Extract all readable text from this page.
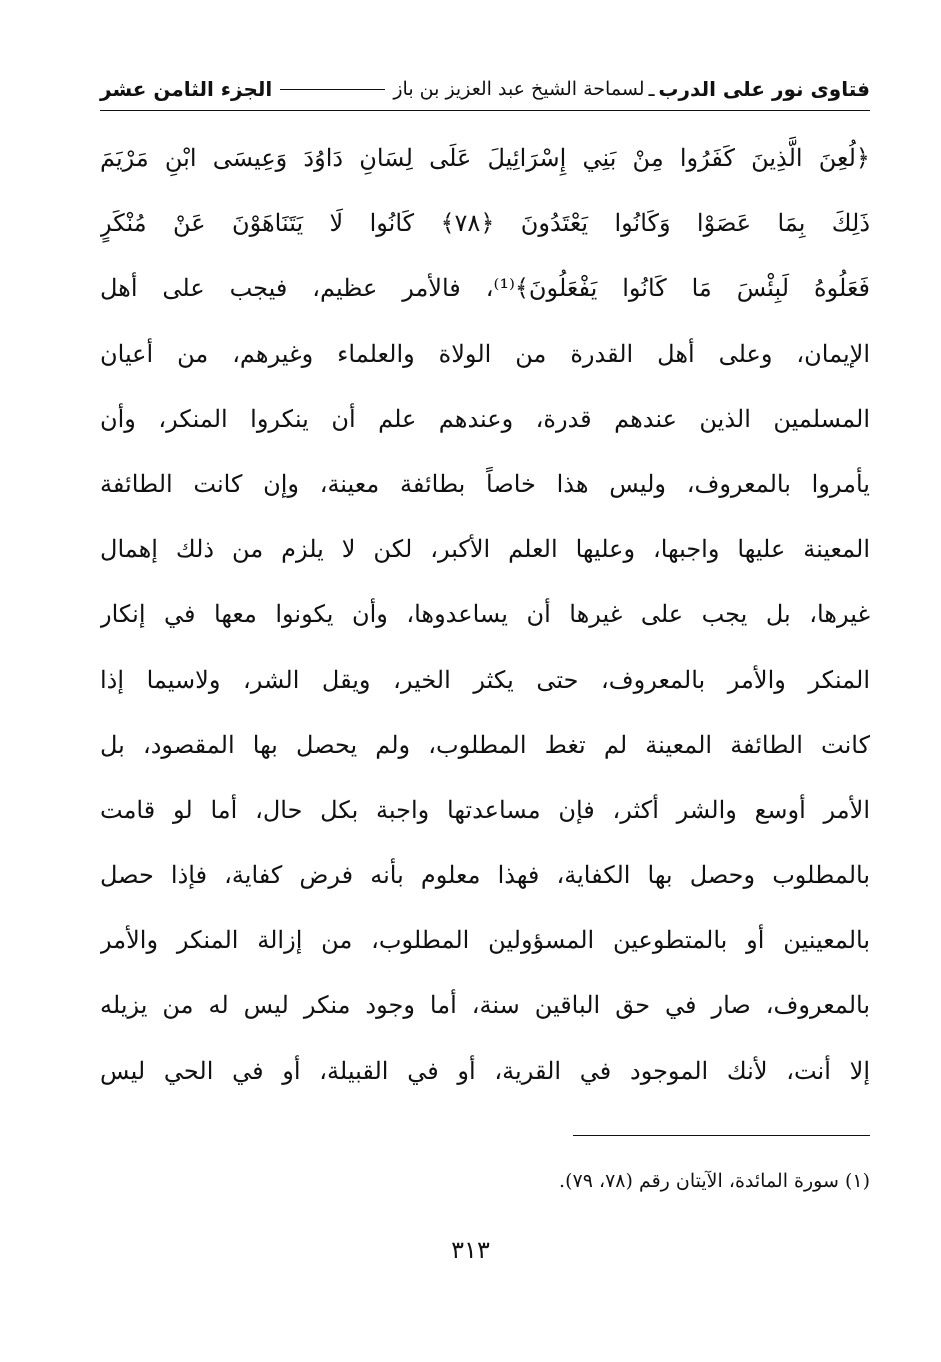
فتاوى نور على الدرب
ـ
لسماحة الشيخ عبد العزيز بن باز
الجزء الثامن عشر
﴿لُعِنَ الَّذِينَ كَفَرُوا مِنْ بَنِي إِسْرَائِيلَ عَلَى لِسَانِ دَاوُدَ وَعِيسَى ابْنِ مَرْيَمَ
ذَلِكَ بِمَا عَصَوْا وَكَانُوا يَعْتَدُونَ ﴿٧٨﴾ كَانُوا لَا يَتَنَاهَوْنَ عَنْ مُنْكَرٍ
فَعَلُوهُ لَبِئْسَ مَا كَانُوا يَفْعَلُونَ﴾⁽¹⁾، فالأمر عظيم، فيجب على أهل
الإيمان، وعلى أهل القدرة من الولاة والعلماء وغيرهم، من أعيان
المسلمين الذين عندهم قدرة، وعندهم علم أن ينكروا المنكر، وأن
يأمروا بالمعروف، وليس هذا خاصاً بطائفة معينة، وإن كانت الطائفة
المعينة عليها واجبها، وعليها العلم الأكبر، لكن لا يلزم من ذلك إهمال
غيرها، بل يجب على غيرها أن يساعدوها، وأن يكونوا معها في إنكار
المنكر والأمر بالمعروف، حتى يكثر الخير، ويقل الشر، ولاسيما إذا
كانت الطائفة المعينة لم تغط المطلوب، ولم يحصل بها المقصود، بل
الأمر أوسع والشر أكثر، فإن مساعدتها واجبة بكل حال، أما لو قامت
بالمطلوب وحصل بها الكفاية، فهذا معلوم بأنه فرض كفاية، فإذا حصل
بالمعينين أو بالمتطوعين المسؤولين المطلوب، من إزالة المنكر والأمر
بالمعروف، صار في حق الباقين سنة، أما وجود منكر ليس له من يزيله
إلا أنت، لأنك الموجود في القرية، أو في القبيلة، أو في الحي ليس
(١) سورة المائدة، الآيتان رقم (٧٨، ٧٩).
٣١٣
